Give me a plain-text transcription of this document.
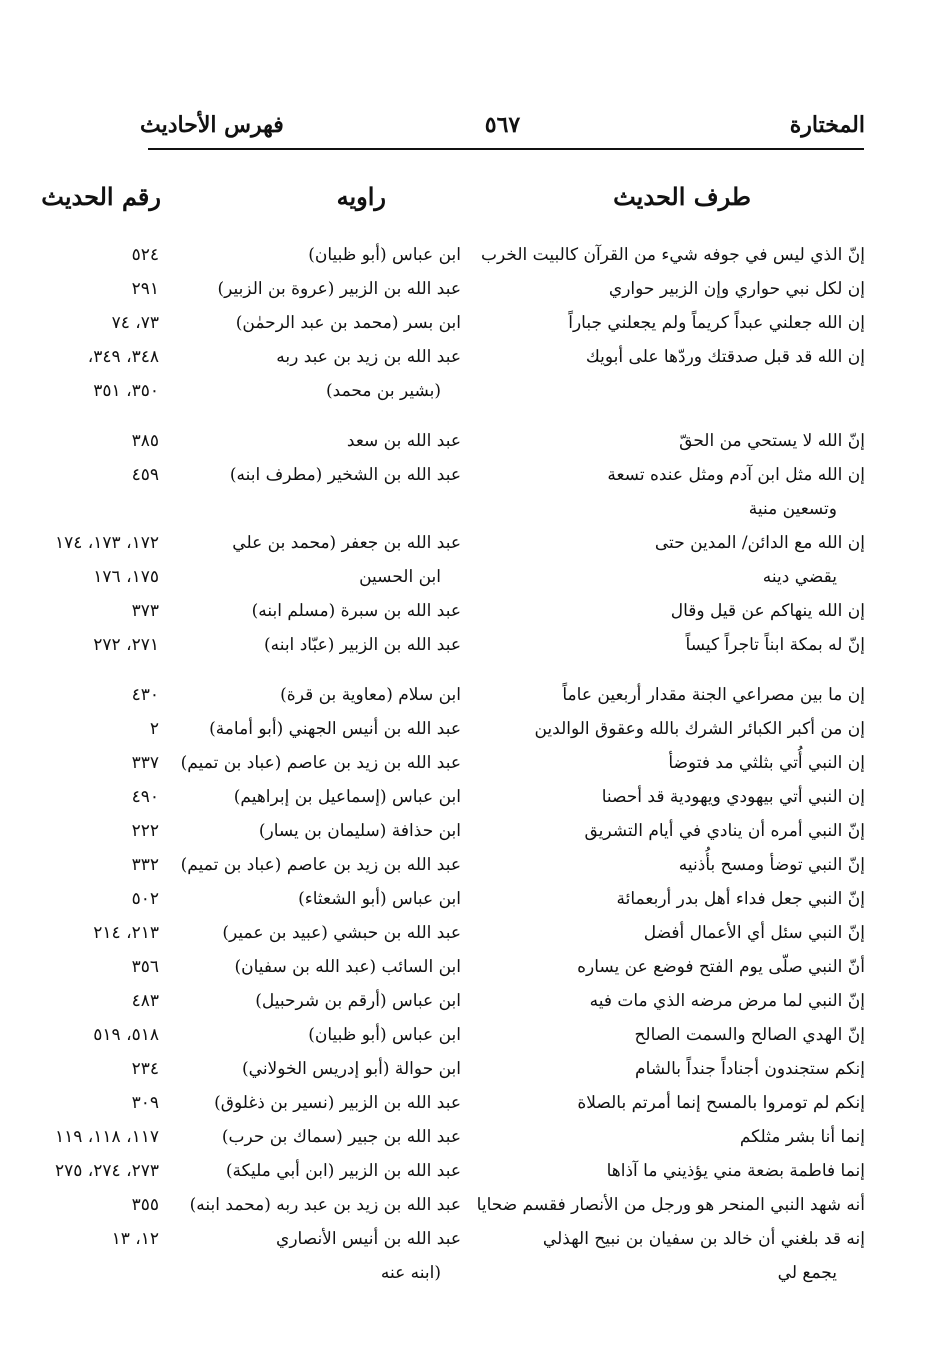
المختارة
٥٦٧
فهرس الأحاديث
طرف الحديث
راويه
رقم الحديث
إنّ الذي ليس في جوفه شيء من القرآن كالبيت الخرب
ابن عباس (أبو ظبيان)
٥٢٤
إن لكل نبي حواري وإن الزبير حواري
عبد الله بن الزبير (عروة بن الزبير)
٢٩١
إن الله جعلني عبداً كريماً ولم يجعلني جباراً
ابن بسر (محمد بن عبد الرحمٰن)
٧٣، ٧٤
إن الله قد قبل صدقتك وردّها على أبويك
عبد الله بن زيد بن عبد ربه
٣٤٨، ٣٤٩،
(بشير بن محمد)
٣٥٠، ٣٥١
إنّ الله لا يستحي من الحقّ
عبد الله بن سعد
٣٨٥
إن الله مثل ابن آدم ومثل عنده تسعة
عبد الله بن الشخير (مطرف ابنه)
٤٥٩
وتسعين منية
إن الله مع الدائن/ المدين حتى
عبد الله بن جعفر (محمد بن علي
١٧٢، ١٧٣، ١٧٤
يقضي دينه
ابن الحسين
١٧٥، ١٧٦
إن الله ينهاكم عن قيل وقال
عبد الله بن سبرة (مسلم ابنه)
٣٧٣
إنّ له بمكة ابناً تاجراً كيساً
عبد الله بن الزبير (عبّاد ابنه)
٢٧١، ٢٧٢
إن ما بين مصراعي الجنة مقدار أربعين عاماً
ابن سلام (معاوية بن قرة)
٤٣٠
إن من أكبر الكبائر الشرك بالله وعقوق الوالدين
عبد الله بن أنيس الجهني (أبو أمامة)
٢
إن النبي أُتي بثلثي مد فتوضأ
عبد الله بن زيد بن عاصم (عباد بن تميم)
٣٣٧
إن النبي أتي بيهودي ويهودية قد أحصنا
ابن عباس (إسماعيل بن إبراهيم)
٤٩٠
إنّ النبي أمره أن ينادي في أيام التشريق
ابن حذافة (سليمان بن يسار)
٢٢٢
إنّ النبي توضأ ومسح بأُذنيه
عبد الله بن زيد بن عاصم (عباد بن تميم)
٣٣٢
إنّ النبي جعل فداء أهل بدر أربعمائة
ابن عباس (أبو الشعثاء)
٥٠٢
إنّ النبي سئل أي الأعمال أفضل
عبد الله بن حبشي (عبيد بن عمير)
٢١٣، ٢١٤
أنّ النبي صلّى يوم الفتح فوضع عن يساره
ابن السائب (عبد الله بن سفيان)
٣٥٦
إنّ النبي لما مرض مرضه الذي مات فيه
ابن عباس (أرقم بن شرحبيل)
٤٨٣
إنّ الهدي الصالح والسمت الصالح
ابن عباس (أبو ظبيان)
٥١٨، ٥١٩
إنكم ستجندون أجناداً جنداً بالشام
ابن حوالة (أبو إدريس الخولاني)
٢٣٤
إنكم لم تومروا بالمسح إنما أمرتم بالصلاة
عبد الله بن الزبير (نسير بن ذغلوق)
٣٠٩
إنما أنا بشر مثلكم
عبد الله بن جبير (سماك بن حرب)
١١٧، ١١٨، ١١٩
إنما فاطمة بضعة مني يؤذيني ما آذاها
عبد الله بن الزبير (ابن أبي مليكة)
٢٧٣، ٢٧٤، ٢٧٥
أنه شهد النبي المنحر هو ورجل من الأنصار فقسم ضحايا
عبد الله بن زيد بن عبد ربه (محمد ابنه)
٣٥٥
إنه قد بلغني أن خالد بن سفيان بن نبيح الهذلي
عبد الله بن أنيس الأنصاري
١٢، ١٣
يجمع لي
(ابنه عنه
